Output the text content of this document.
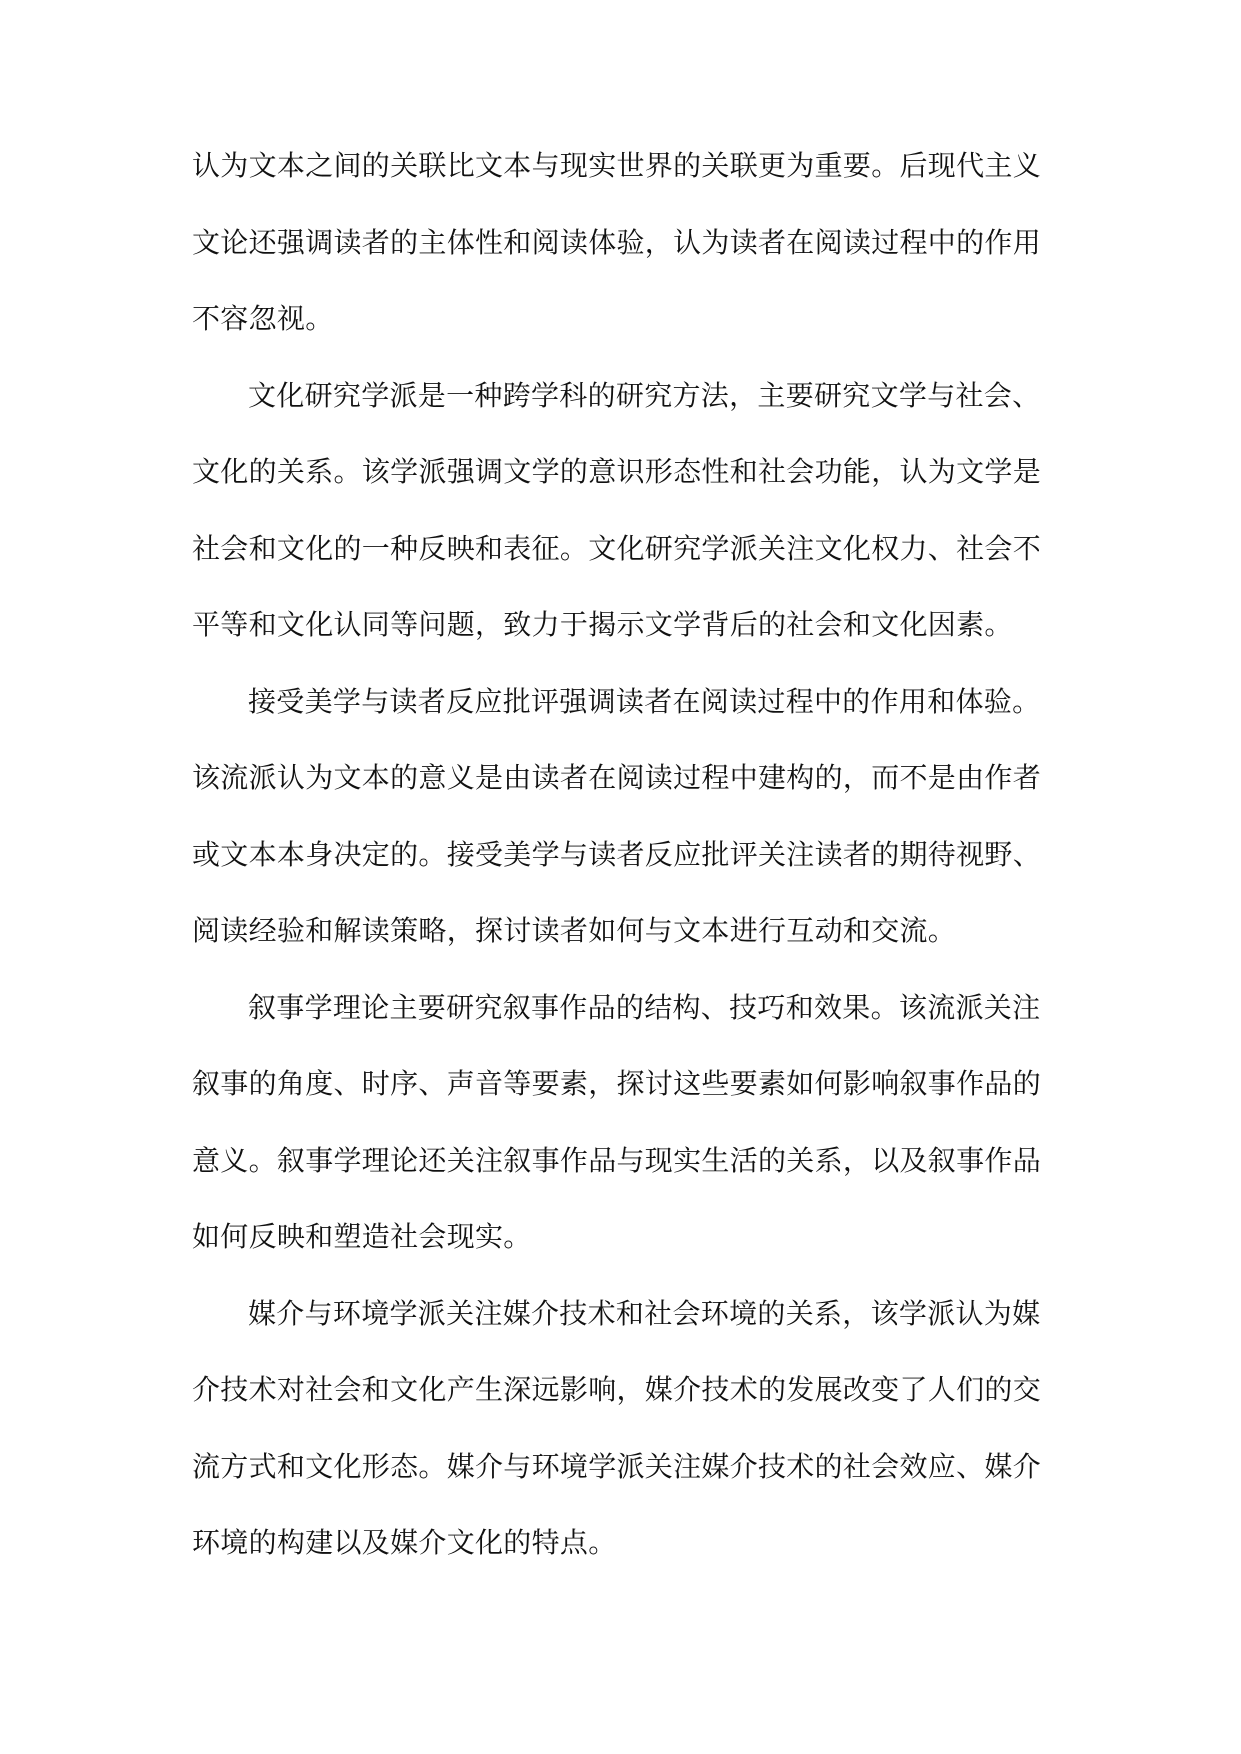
认为文本之间的关联比文本与现实世界的关联更为重要。后现代主义
文论还强调读者的主体性和阅读体验，认为读者在阅读过程中的作用
不容忽视。
文化研究学派是一种跨学科的研究方法，主要研究文学与社会、
文化的关系。该学派强调文学的意识形态性和社会功能，认为文学是
社会和文化的一种反映和表征。文化研究学派关注文化权力、社会不
平等和文化认同等问题，致力于揭示文学背后的社会和文化因素。
接受美学与读者反应批评强调读者在阅读过程中的作用和体验。
该流派认为文本的意义是由读者在阅读过程中建构的，而不是由作者
或文本本身决定的。接受美学与读者反应批评关注读者的期待视野、
阅读经验和解读策略，探讨读者如何与文本进行互动和交流。
叙事学理论主要研究叙事作品的结构、技巧和效果。该流派关注
叙事的角度、时序、声音等要素，探讨这些要素如何影响叙事作品的
意义。叙事学理论还关注叙事作品与现实生活的关系，以及叙事作品
如何反映和塑造社会现实。
媒介与环境学派关注媒介技术和社会环境的关系，该学派认为媒
介技术对社会和文化产生深远影响，媒介技术的发展改变了人们的交
流方式和文化形态。媒介与环境学派关注媒介技术的社会效应、媒介
环境的构建以及媒介文化的特点。
